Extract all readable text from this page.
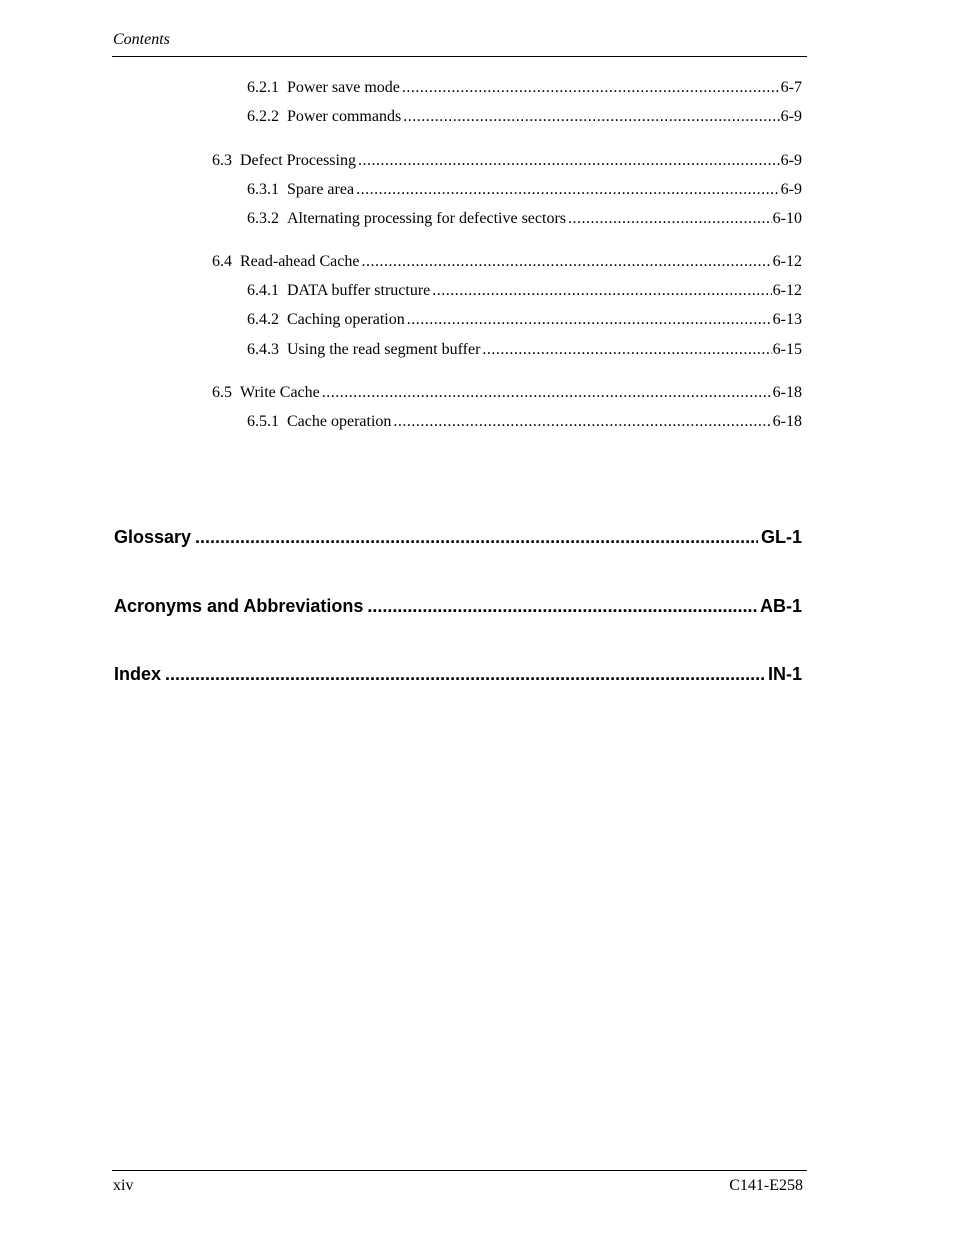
Contents
6.2.1 Power save mode .....	6-7
6.2.2 Power commands .....	6-9
6.3 Defect Processing .....	6-9
6.3.1 Spare area .....	6-9
6.3.2 Alternating processing for defective sectors .....	6-10
6.4 Read-ahead Cache .....	6-12
6.4.1 DATA buffer structure .....	6-12
6.4.2 Caching operation .....	6-13
6.4.3 Using the read segment buffer .....	6-15
6.5 Write Cache .....	6-18
6.5.1 Cache operation .....	6-18
Glossary .....	GL-1
Acronyms and Abbreviations .....	AB-1
Index .....	IN-1
xiv	C141-E258
